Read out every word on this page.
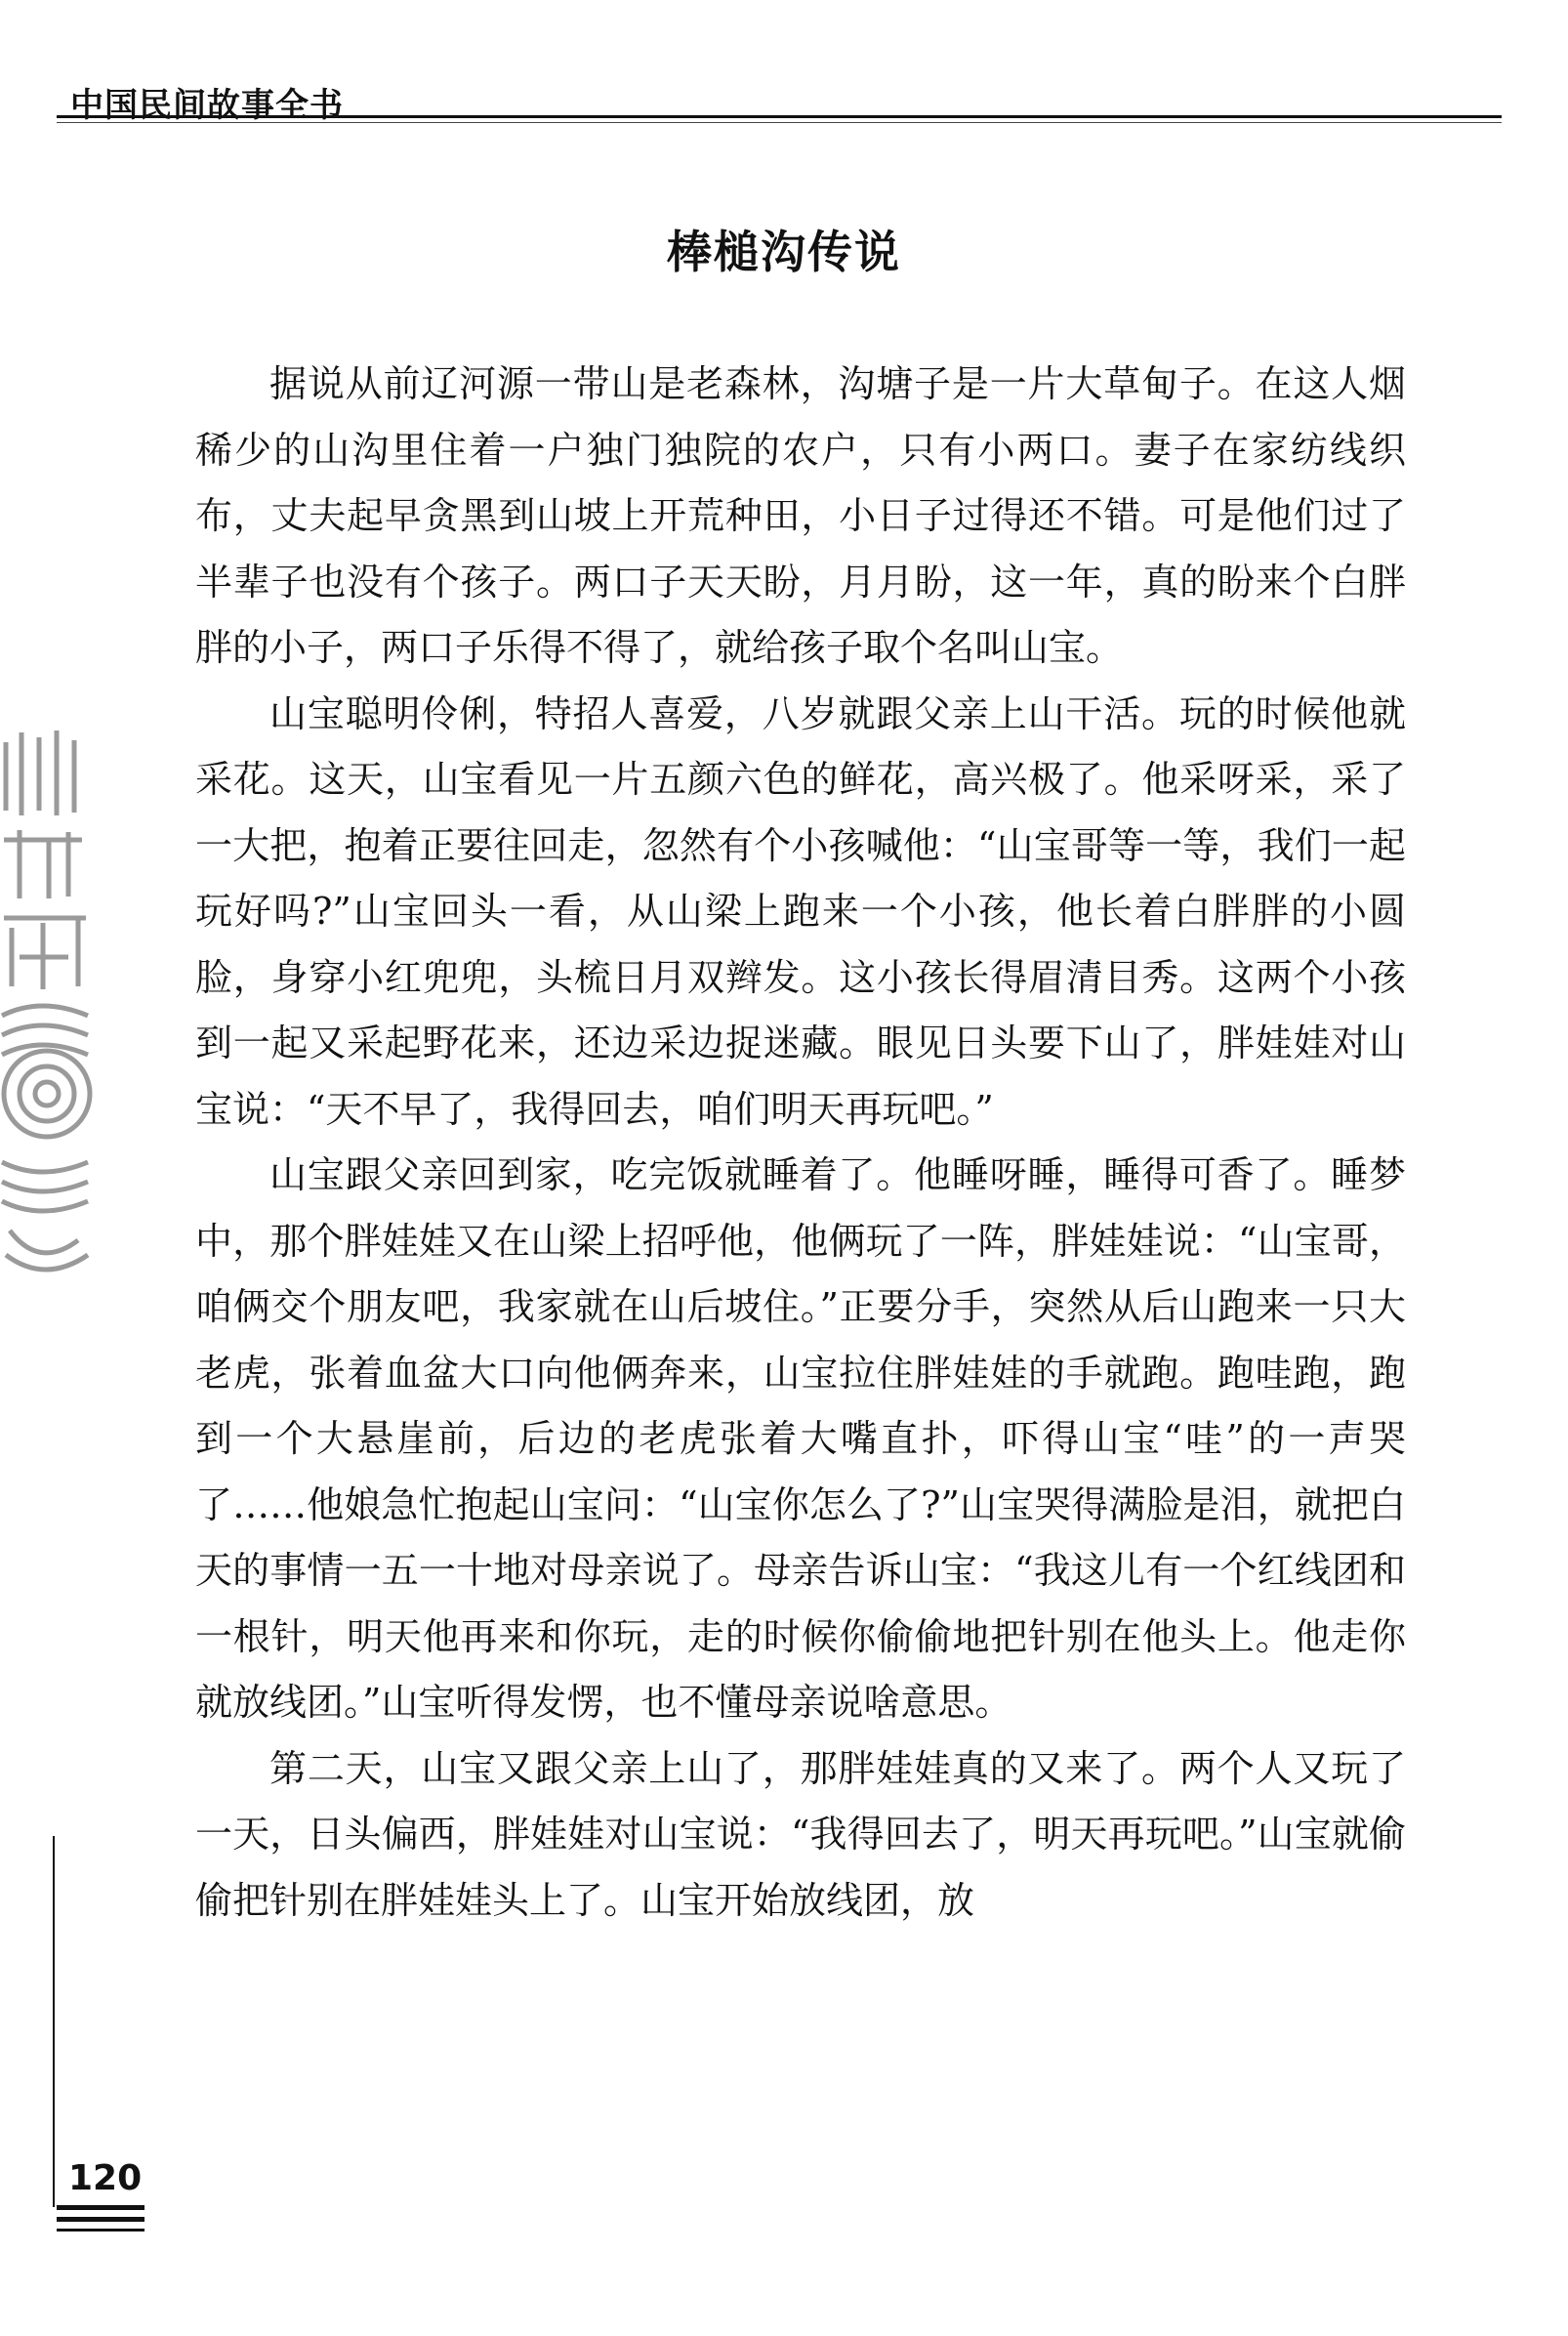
中国民间故事全书
棒槌沟传说

据说从前辽河源一带山是老森林，沟塘子是一片大草甸子。在这人烟稀少的山沟里住着一户独门独院的农户，只有小两口。妻子在家纺线织布，丈夫起早贪黑到山坡上开荒种田，小日子过得还不错。可是他们过了半辈子也没有个孩子。两口子天天盼，月月盼，这一年，真的盼来个白胖胖的小子，两口子乐得不得了，就给孩子取个名叫山宝。

山宝聪明伶俐，特招人喜爱，八岁就跟父亲上山干活。玩的时候他就采花。这天，山宝看见一片五颜六色的鲜花，高兴极了。他采呀采，采了一大把，抱着正要往回走，忽然有个小孩喊他：“山宝哥等一等，我们一起玩好吗?”山宝回头一看，从山梁上跑来一个小孩，他长着白胖胖的小圆脸，身穿小红兜兜，头梳日月双辫发。这小孩长得眉清目秀。这两个小孩到一起又采起野花来，还边采边捉迷藏。眼见日头要下山了，胖娃娃对山宝说：“天不早了，我得回去，咱们明天再玩吧。”

山宝跟父亲回到家，吃完饭就睡着了。他睡呀睡，睡得可香了。睡梦中，那个胖娃娃又在山梁上招呼他，他俩玩了一阵，胖娃娃说：“山宝哥，咱俩交个朋友吧，我家就在山后坡住。”正要分手，突然从后山跑来一只大老虎，张着血盆大口向他俩奔来，山宝拉住胖娃娃的手就跑。跑哇跑，跑到一个大悬崖前，后边的老虎张着大嘴直扑，吓得山宝“哇”的一声哭了……他娘急忙抱起山宝问：“山宝你怎么了?”山宝哭得满脸是泪，就把白天的事情一五一十地对母亲说了。母亲告诉山宝：“我这儿有一个红线团和一根针，明天他再来和你玩，走的时候你偷偷地把针别在他头上。他走你就放线团。”山宝听得发愣，也不懂母亲说啥意思。

第二天，山宝又跟父亲上山了，那胖娃娃真的又来了。两个人又玩了一天，日头偏西，胖娃娃对山宝说：“我得回去了，明天再玩吧。”山宝就偷偷把针别在胖娃娃头上了。山宝开始放线团，放

120
